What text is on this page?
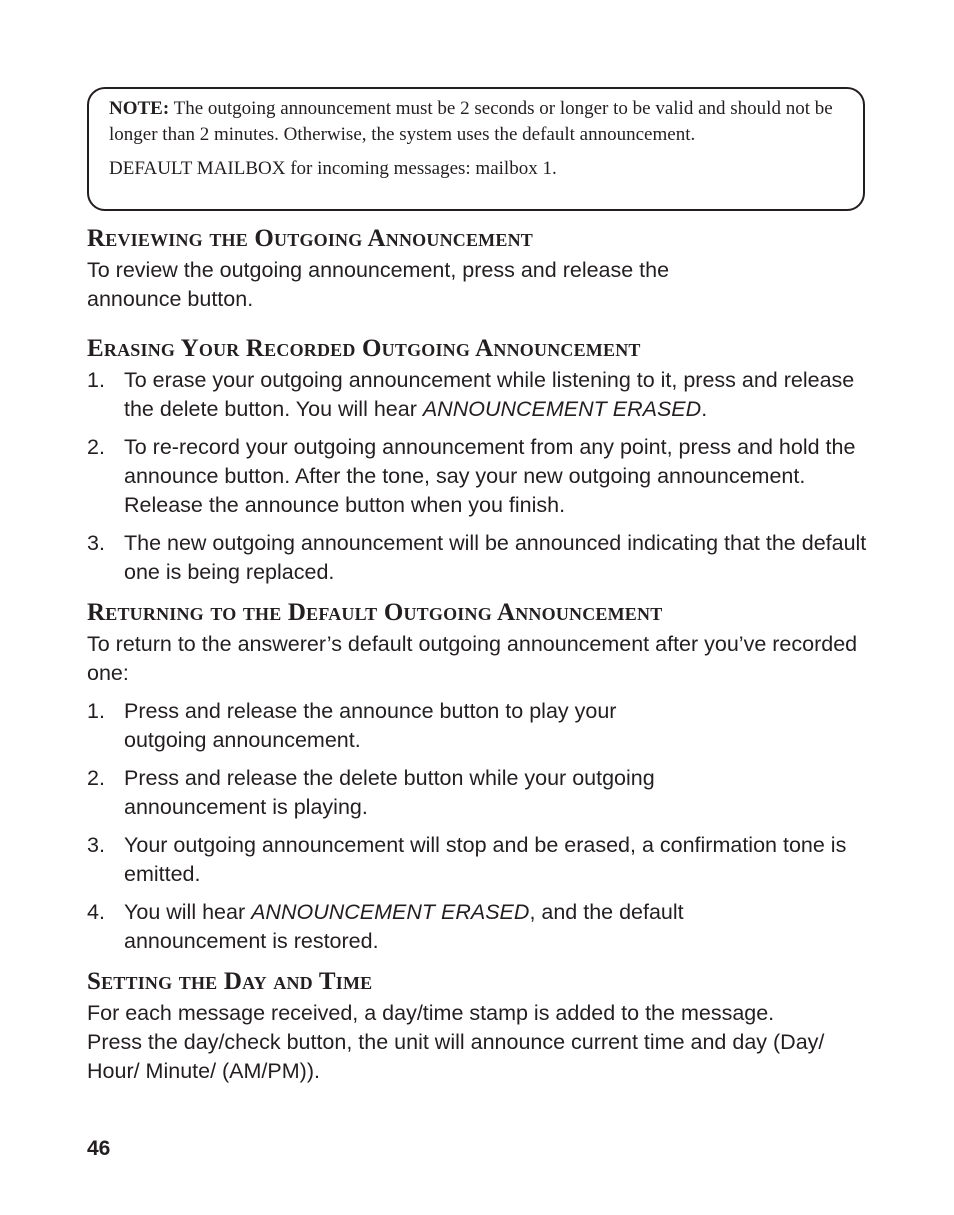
NOTE: The outgoing announcement must be 2 seconds or longer to be valid and should not be longer than 2 minutes. Otherwise, the system uses the default announcement.

DEFAULT MAILBOX for incoming messages: mailbox 1.

Reviewing the Outgoing Announcement

To review the outgoing announcement, press and release the
announce button.

Erasing Your Recorded Outgoing Announcement
1. To erase your outgoing announcement while listening to it, press and release the delete button. You will hear ANNOUNCEMENT ERASED.
2. To re-record your outgoing announcement from any point, press and hold the announce button. After the tone, say your new outgoing announcement. Release the announce button when you finish.
3. The new outgoing announcement will be announced indicating that the default one is being replaced.
Returning to the Default Outgoing Announcement

To return to the answerer’s default outgoing announcement after you’ve recorded one:

1. Press and release the announce button to play your
outgoing announcement.
2. Press and release the delete button while your outgoing
announcement is playing.
3. Your outgoing announcement will stop and be erased, a confirmation tone is emitted.
4. You will hear ANNOUNCEMENT ERASED, and the default
announcement is restored.
Setting the Day and Time

For each message received, a day/time stamp is added to the message.

Press the day/check button, the unit will announce current time and day (Day/ Hour/ Minute/ (AM/PM)).

46
